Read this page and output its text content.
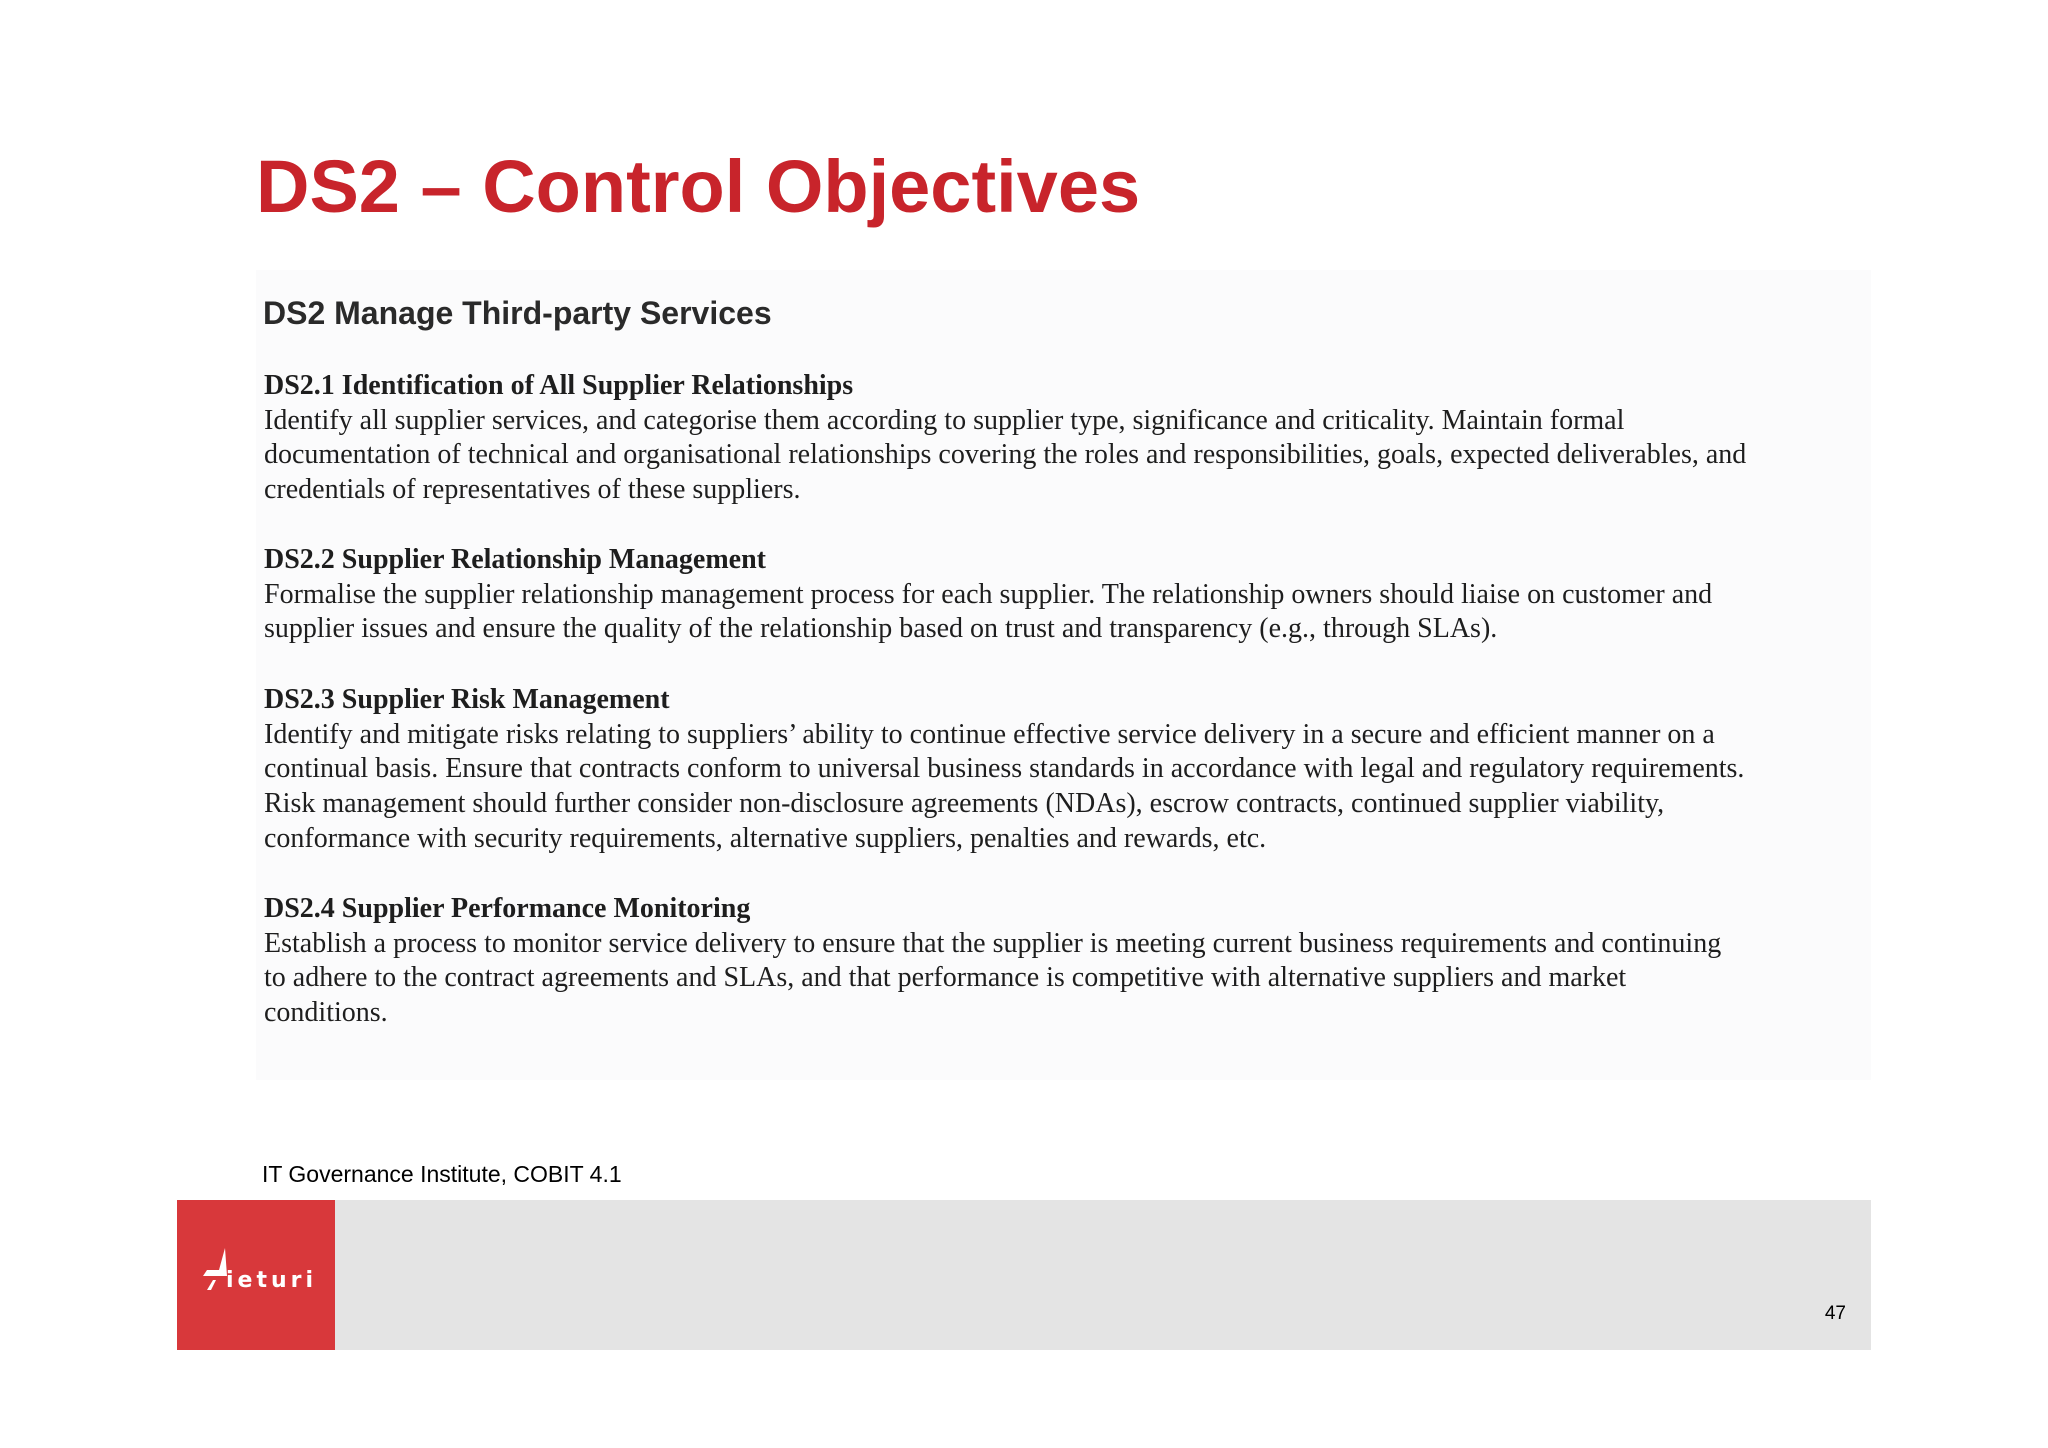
DS2 – Control Objectives
DS2 Manage Third-party Services
DS2.1 Identification of All Supplier Relationships

Identify all supplier services, and categorise them according to supplier type, significance and criticality. Maintain formal
documentation of technical and organisational relationships covering the roles and responsibilities, goals, expected deliverables, and
credentials of representatives of these suppliers.

DS2.2 Supplier Relationship Management

Formalise the supplier relationship management process for each supplier. The relationship owners should liaise on customer and
supplier issues and ensure the quality of the relationship based on trust and transparency (e.g., through SLAs).

DS2.3 Supplier Risk Management

Identify and mitigate risks relating to suppliers’ ability to continue effective service delivery in a secure and efficient manner on a
continual basis. Ensure that contracts conform to universal business standards in accordance with legal and regulatory requirements.
Risk management should further consider non-disclosure agreements (NDAs), escrow contracts, continued supplier viability,
conformance with security requirements, alternative suppliers, penalties and rewards, etc.

DS2.4 Supplier Performance Monitoring

Establish a process to monitor service delivery to ensure that the supplier is meeting current business requirements and continuing
to adhere to the contract agreements and SLAs, and that performance is competitive with alternative suppliers and market
conditions.

IT Governance Institute, COBIT 4.1
ieturi
47
